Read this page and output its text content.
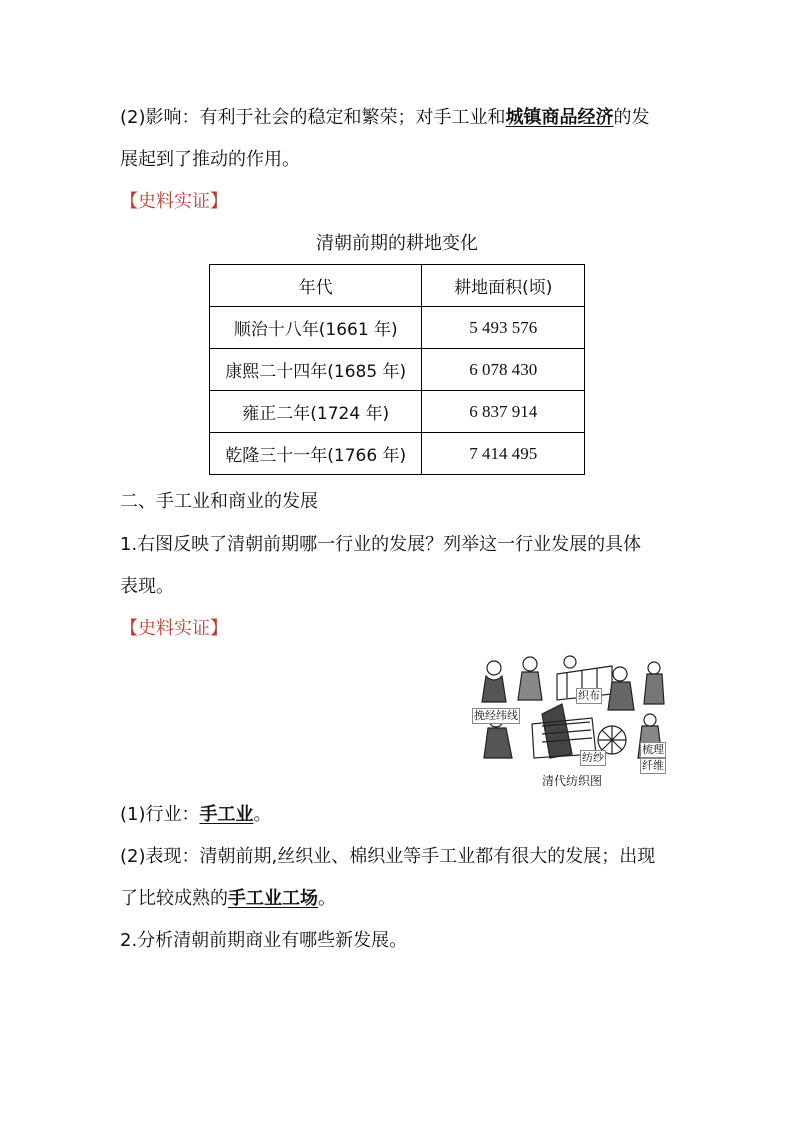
(2)影响：有利于社会的稳定和繁荣；对手工业和城镇商品经济的发
展起到了推动的作用。
【史料实证】
清朝前期的耕地变化
年代	耕地面积(顷)
顺治十八年(1661 年)	5 493 576
康熙二十四年(1685 年)	6 078 430
雍正二年(1724 年)	6 837 914
乾隆三十一年(1766 年)	7 414 495
二、手工业和商业的发展
1.右图反映了清朝前期哪一行业的发展？列举这一行业发展的具体
表现。
【史料实证】
挽经纬线
织布
纺纱
梳理
纤维
清代纺织图
(1)行业：手工业。
(2)表现：清朝前期,丝织业、棉织业等手工业都有很大的发展；出现
了比较成熟的手工业工场。
2.分析清朝前期商业有哪些新发展。
